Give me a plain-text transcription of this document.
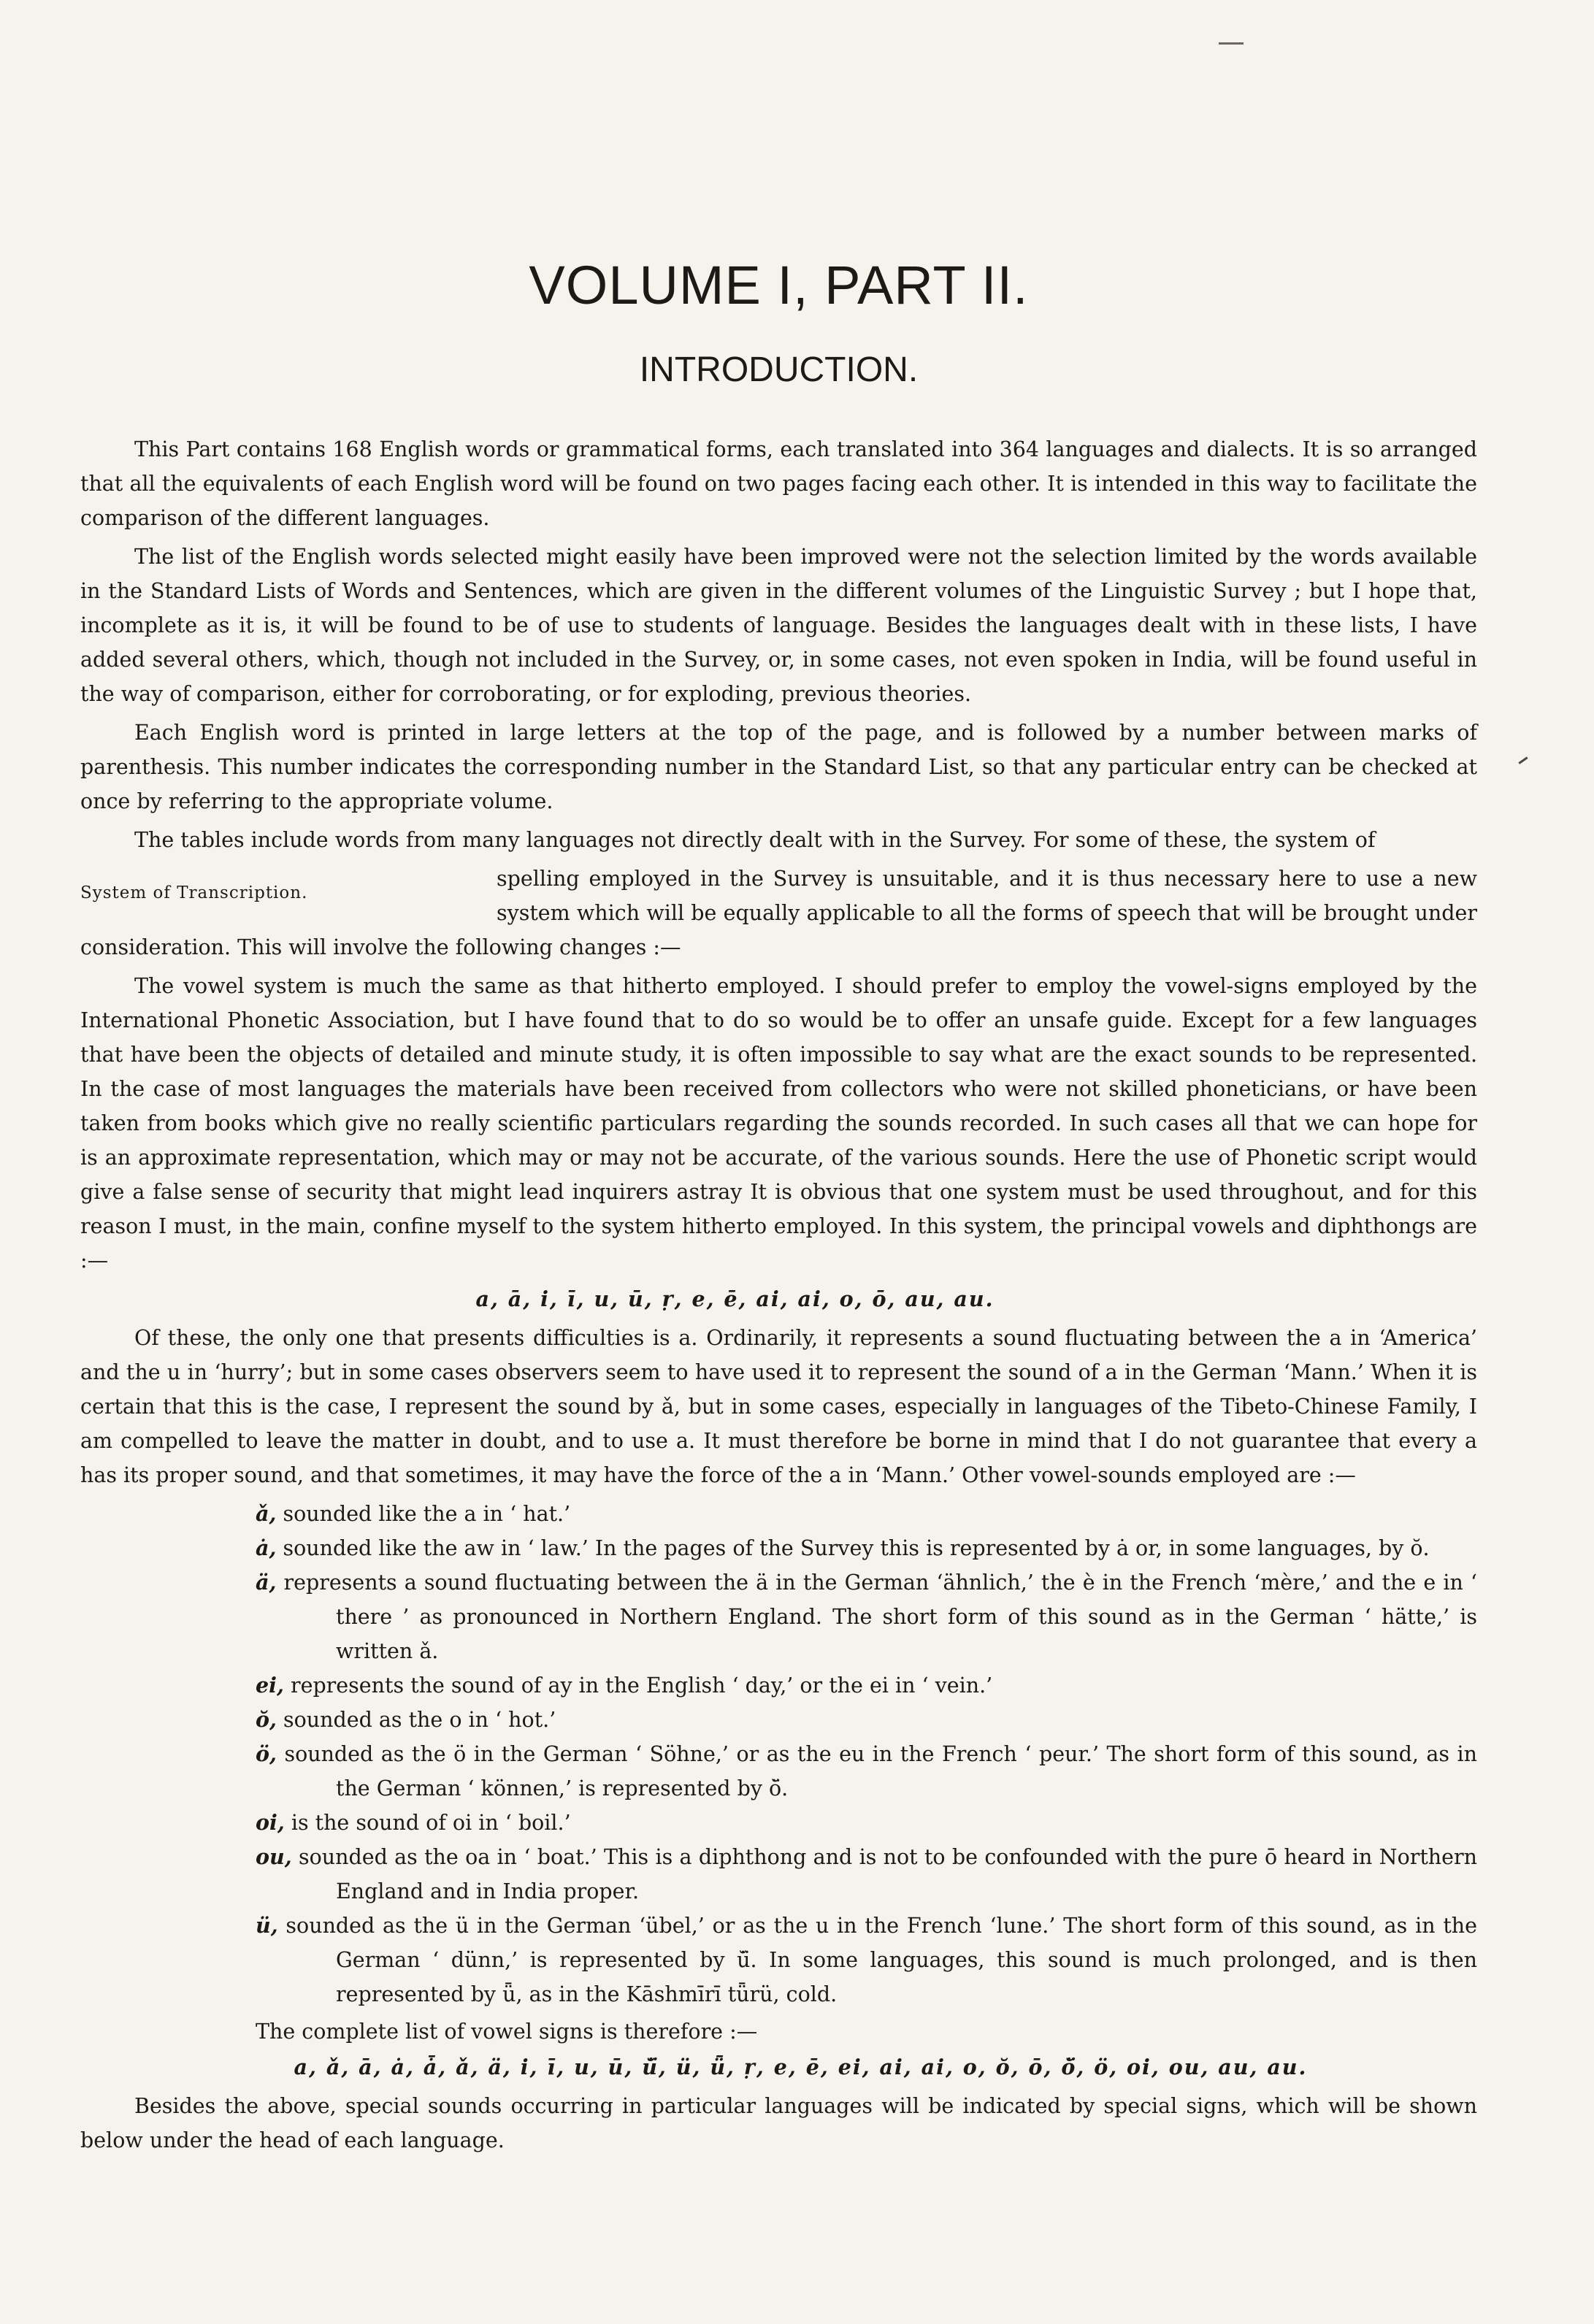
VOLUME I, PART II.
INTRODUCTION.

This Part contains 168 English words or grammatical forms, each translated into 364 languages and dialects. It is so arranged that all the equivalents of each English word will be found on two pages facing each other. It is intended in this way to facilitate the comparison of the different languages.

The list of the English words selected might easily have been improved were not the selection limited by the words available in the Standard Lists of Words and Sentences, which are given in the different volumes of the Linguistic Survey ; but I hope that, incomplete as it is, it will be found to be of use to students of language. Besides the languages dealt with in these lists, I have added several others, which, though not included in the Survey, or, in some cases, not even spoken in India, will be found useful in the way of comparison, either for corroborating, or for exploding, previous theories.

Each English word is printed in large letters at the top of the page, and is followed by a number between marks of parenthesis. This number indicates the corresponding number in the Standard List, so that any particular entry can be checked at once by referring to the appropriate volume.

The tables include words from many languages not directly dealt with in the Survey. For some of these, the system of

System of Transcription.

spelling employed in the Survey is unsuitable, and it is thus necessary here to use a new system which will be equally applicable to all the forms of speech that will be brought under consideration. This will involve the following changes :—

The vowel system is much the same as that hitherto employed. I should prefer to employ the vowel-signs employed by the International Phonetic Association, but I have found that to do so would be to offer an unsafe guide. Except for a few languages that have been the objects of detailed and minute study, it is often impossible to say what are the exact sounds to be represented. In the case of most languages the materials have been received from collectors who were not skilled phoneticians, or have been taken from books which give no really scientific particulars regarding the sounds recorded. In such cases all that we can hope for is an approximate representation, which may or may not be accurate, of the various sounds. Here the use of Phonetic script would give a false sense of security that might lead inquirers astray It is obvious that one system must be used throughout, and for this reason I must, in the main, confine myself to the system hitherto employed. In this system, the principal vowels and diphthongs are :—

a, ā, i, ī, u, ū, ṛ, e, ē, ai, ai, o, ō, au, au.

Of these, the only one that presents difficulties is a. Ordinarily, it represents a sound fluctuating between the a in ‘America’ and the u in ‘hurry’; but in some cases observers seem to have used it to represent the sound of a in the German ‘Mann.’ When it is certain that this is the case, I represent the sound by ǎ, but in some cases, especially in languages of the Tibeto-Chinese Family, I am compelled to leave the matter in doubt, and to use a. It must therefore be borne in mind that I do not guarantee that every a has its proper sound, and that sometimes, it may have the force of the a in ‘Mann.’ Other vowel-sounds employed are :—

ǎ, sounded like the a in ‘ hat.’

ȧ, sounded like the aw in ‘ law.’ In the pages of the Survey this is represented by ȧ or, in some languages, by ŏ.

ä, represents a sound fluctuating between the ä in the German ‘ähnlich,’ the è in the French ‘mère,’ and the e in ‘ there ’ as pronounced in Northern England. The short form of this sound as in the German ‘ hätte,’ is written ǎ.

ei, represents the sound of ay in the English ‘ day,’ or the ei in ‘ vein.’

ŏ, sounded as the o in ‘ hot.’

ö, sounded as the ö in the German ‘ Söhne,’ or as the eu in the French ‘ peur.’ The short form of this sound, as in the German ‘ können,’ is represented by ŏ̈.

oi, is the sound of oi in ‘ boil.’

ou, sounded as the oa in ‘ boat.’ This is a diphthong and is not to be confounded with the pure ō heard in Northern England and in India proper.

ü, sounded as the ü in the German ‘übel,’ or as the u in the French ‘lune.’ The short form of this sound, as in the German ‘ dünn,’ is represented by ŭ̈. In some languages, this sound is much prolonged, and is then represented by ǖ, as in the Kāshmīrī tǖrü, cold.

The complete list of vowel signs is therefore :—

a, ǎ, ā, ȧ, ǡ, ǎ, ä, i, ī, u, ū, ŭ̈, ü, ǖ, ṛ, e, ē, ei, ai, ai, o, ŏ, ō, ŏ̈, ö, oi, ou, au, au.

Besides the above, special sounds occurring in particular languages will be indicated by special signs, which will be shown below under the head of each language.
